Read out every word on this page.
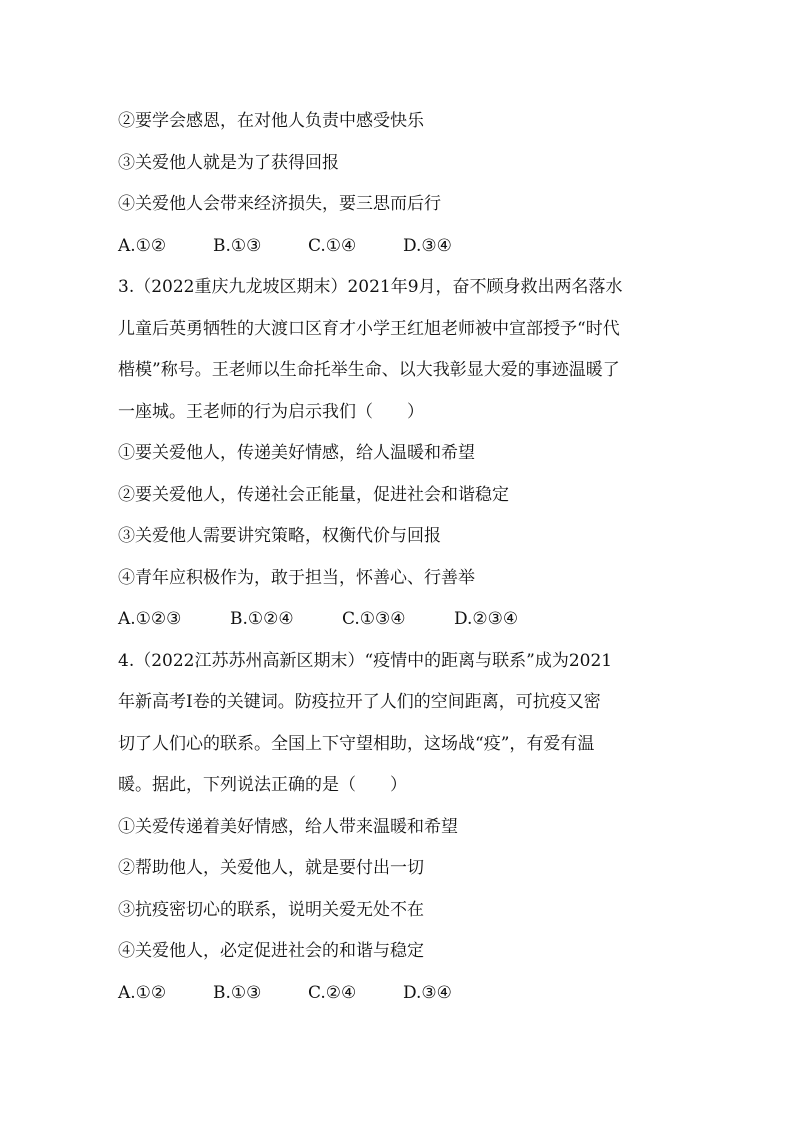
②要学会感恩，在对他人负责中感受快乐
③关爱他人就是为了获得回报
④关爱他人会带来经济损失，要三思而后行
A.①②	B.①③	C.①④	D.③④
3.（2022重庆九龙坡区期末）2021年9月，奋不顾身救出两名落水
儿童后英勇牺牲的大渡口区育才小学王红旭老师被中宣部授予“时代
楷模”称号。王老师以生命托举生命、以大我彰显大爱的事迹温暖了
一座城。王老师的行为启示我们（　　）
①要关爱他人，传递美好情感，给人温暖和希望
②要关爱他人，传递社会正能量，促进社会和谐稳定
③关爱他人需要讲究策略，权衡代价与回报
④青年应积极作为，敢于担当，怀善心、行善举
A.①②③	B.①②④	C.①③④	D.②③④
4.（2022江苏苏州高新区期末）“疫情中的距离与联系”成为2021
年新高考Ⅰ卷的关键词。防疫拉开了人们的空间距离，可抗疫又密
切了人们心的联系。全国上下守望相助，这场战“疫”，有爱有温
暖。据此，下列说法正确的是（　　）
①关爱传递着美好情感，给人带来温暖和希望
②帮助他人，关爱他人，就是要付出一切
③抗疫密切心的联系，说明关爱无处不在
④关爱他人，必定促进社会的和谐与稳定
A.①②	B.①③	C.②④	D.③④
